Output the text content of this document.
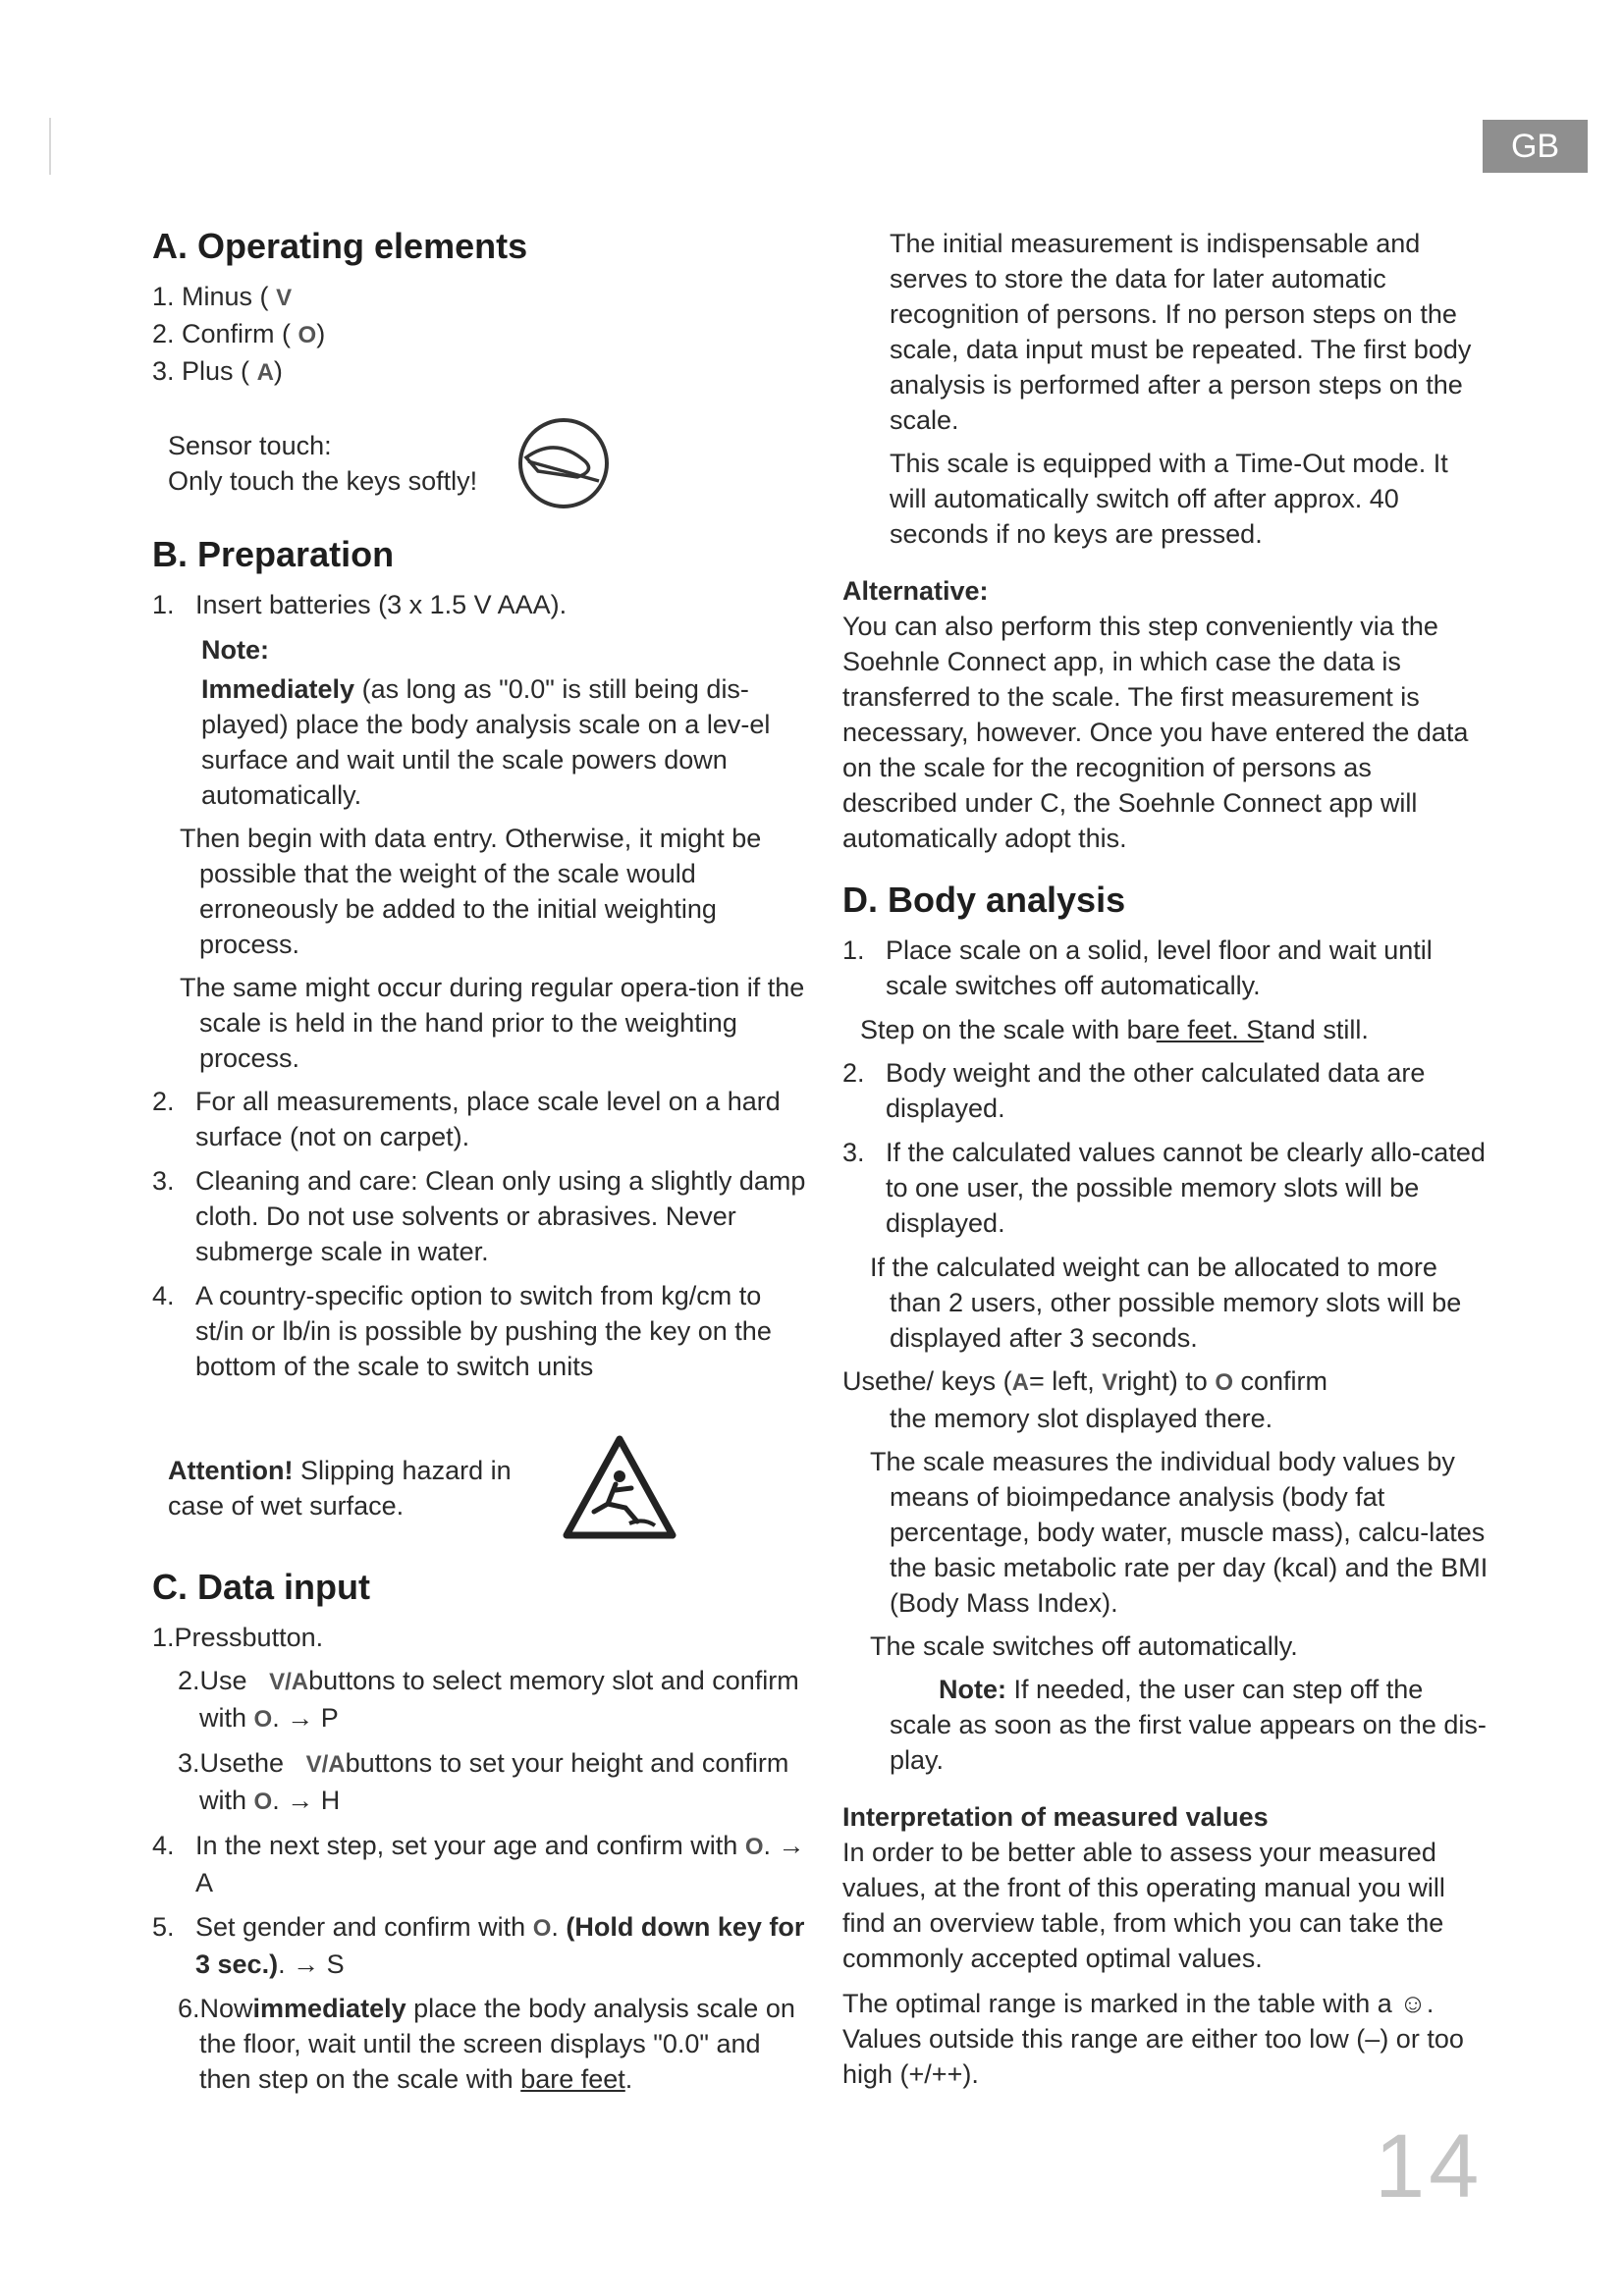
GB
A. Operating elements
1. Minus ( V
2. Confirm ( O)
3. Plus ( A)
Sensor touch:
Only touch the keys softly!
B. Preparation
1. Insert batteries (3 x 1.5 V AAA).
Note:

Immediately (as long as "0.0" is still being dis-played) place the body analysis scale on a lev-el surface and wait until the scale powers down automatically.

Then begin with data entry. Otherwise, it might be possible that the weight of the scale would erroneously be added to the initial weighting process.

The same might occur during regular opera-tion if the scale is held in the hand prior to the weighting process.

2. For all measurements, place scale level on a hard surface (not on carpet).
3. Cleaning and care: Clean only using a slightly damp cloth. Do not use solvents or abrasives. Never submerge scale in water.
4. A country-specific option to switch from kg/cm to st/in or lb/in is possible by pushing the key on the bottom of the scale to switch units
Attention! Slipping hazard in case of wet surface.
C. Data input

1.Pressbutton.

2.Use V/Abuttons to select memory slot and confirm with O. → P

3.Usethe V/Abuttons to set your height and confirm with O. → H

4. In the next step, set your age and confirm with O. → A
5. Set gender and confirm with O. (Hold down key for 3 sec.). → S

6.Nowimmediately place the body analysis scale on the floor, wait until the screen displays "0.0" and then step on the scale with bare feet.

The initial measurement is indispensable and serves to store the data for later automatic recognition of persons. If no person steps on the scale, data input must be repeated. The first body analysis is performed after a person steps on the scale.

This scale is equipped with a Time-Out mode. It will automatically switch off after approx. 40 seconds if no keys are pressed.

Alternative:

You can also perform this step conveniently via the Soehnle Connect app, in which case the data is transferred to the scale. The first measurement is necessary, however. Once you have entered the data on the scale for the recognition of persons as described under C, the Soehnle Connect app will automatically adopt this.

D. Body analysis
1. Place scale on a solid, level floor and wait until scale switches off automatically.

Step on the scale with bare feet. Stand still.

2. Body weight and the other calculated data are displayed.
3. If the calculated values cannot be clearly allo-cated to one user, the possible memory slots will be displayed.

If the calculated weight can be allocated to more than 2 users, other possible memory slots will be displayed after 3 seconds.

Usethe/ keys (A= left, Vright) to O confirm

the memory slot displayed there.

The scale measures the individual body values by means of bioimpedance analysis (body fat percentage, body water, muscle mass), calcu-lates the basic metabolic rate per day (kcal) and the BMI (Body Mass Index).

The scale switches off automatically.

Note: If needed, the user can step off the scale as soon as the first value appears on the dis-play.

Interpretation of measured values

In order to be better able to assess your measured values, at the front of this operating manual you will find an overview table, from which you can take the commonly accepted optimal values.

The optimal range is marked in the table with a ☺. Values outside this range are either too low (–) or too high (+/++).

14
